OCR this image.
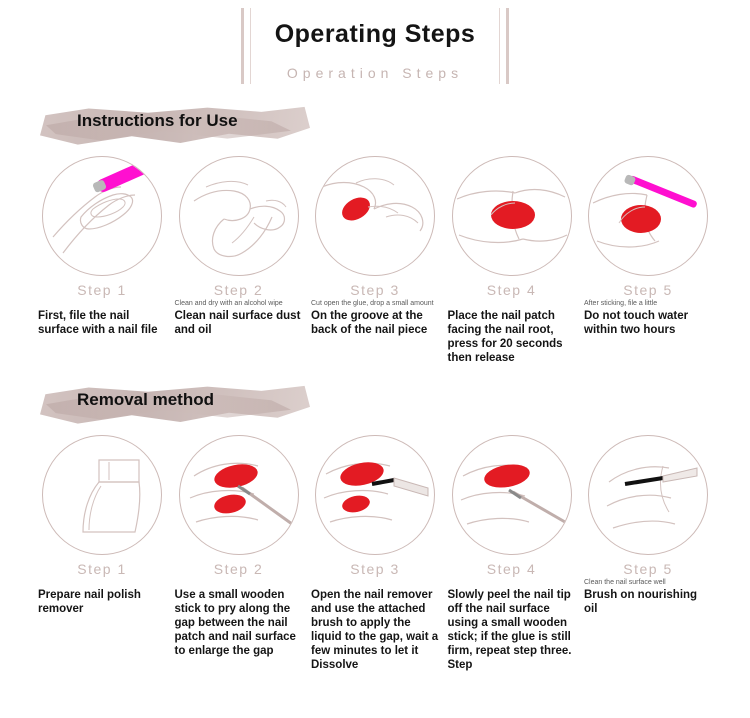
Operating Steps
Operation Steps
Instructions for Use
Step 1
First, file the nail surface with a nail file
Step 2
Clean and dry with an alcohol wipe
Clean nail surface dust and oil
Step 3
Cut open the glue, drop a small amount
On the groove at the back of the nail piece
Step 4
Place the nail patch facing the nail root, press for 20 seconds then release
Step 5
After sticking, file a little
Do not touch water within two hours
Removal method
Step 1
Prepare nail polish remover
Step 2
Use a small wooden stick to pry along the gap between the nail patch and nail surface to enlarge the gap
Step 3
Open the nail remover and use the attached brush to apply the liquid to the gap, wait a few minutes to let it
Dissolve
Step 4
Slowly peel the nail tip off the nail surface using a small wooden stick; if the glue is still firm, repeat step three.
Step
Step 5
Clean the nail surface well
Brush on nourishing oil
